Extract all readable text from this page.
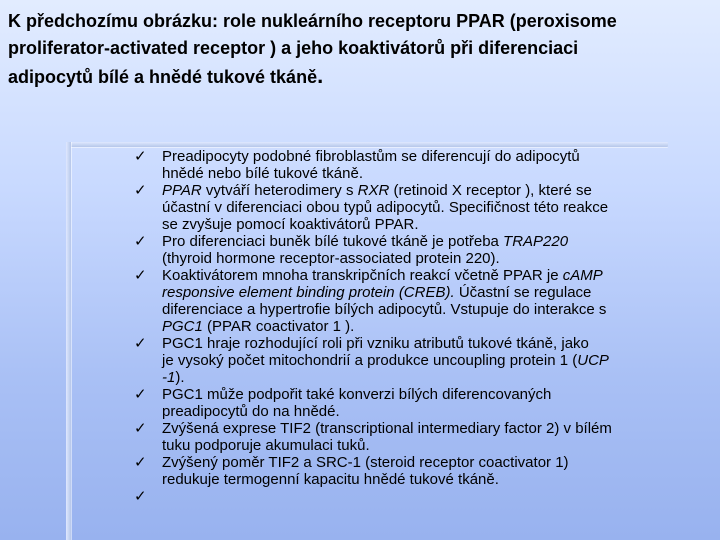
K předchozímu obrázku: role nukleárního receptoru PPAR (peroxisome
proliferator-activated receptor ) a jeho koaktivátorů při diferenciaci
adipocytů bílé a hnědé tukové tkáně.
✓ Preadipocyty podobné fibroblastům se diferencují do adipocytů
hnědé nebo bílé tukové tkáně.
✓ PPAR vytváří heterodimery s RXR (retinoid X receptor ), které se
účastní v diferenciaci obou typů adipocytů. Specifičnost této reakce
se zvyšuje pomocí koaktivátorů PPAR.
✓ Pro diferenciaci buněk bílé tukové tkáně je potřeba TRAP220
(thyroid hormone receptor-associated protein 220).
✓ Koaktivátorem mnoha transkripčních reakcí včetně PPAR je cAMP
responsive element binding protein (CREB). Účastní se regulace
diferenciace a hypertrofie bílých adipocytů. Vstupuje do interakce s
PGC1 (PPAR coactivator 1 ).
✓ PGC1 hraje rozhodující roli při vzniku atributů tukové tkáně, jako
je vysoký počet mitochondrií a produkce uncoupling protein 1 (UCP
-1).
✓ PGC1 může podpořit také konverzi bílých diferencovaných
preadipocytů do na hnědé.
✓ Zvýšená exprese TIF2 (transcriptional intermediary factor 2) v bílém
tuku podporuje akumulaci tuků.
✓ Zvýšený poměr TIF2 a SRC-1 (steroid receptor coactivator 1)
redukuje termogenní kapacitu hnědé tukové tkáně.
✓
